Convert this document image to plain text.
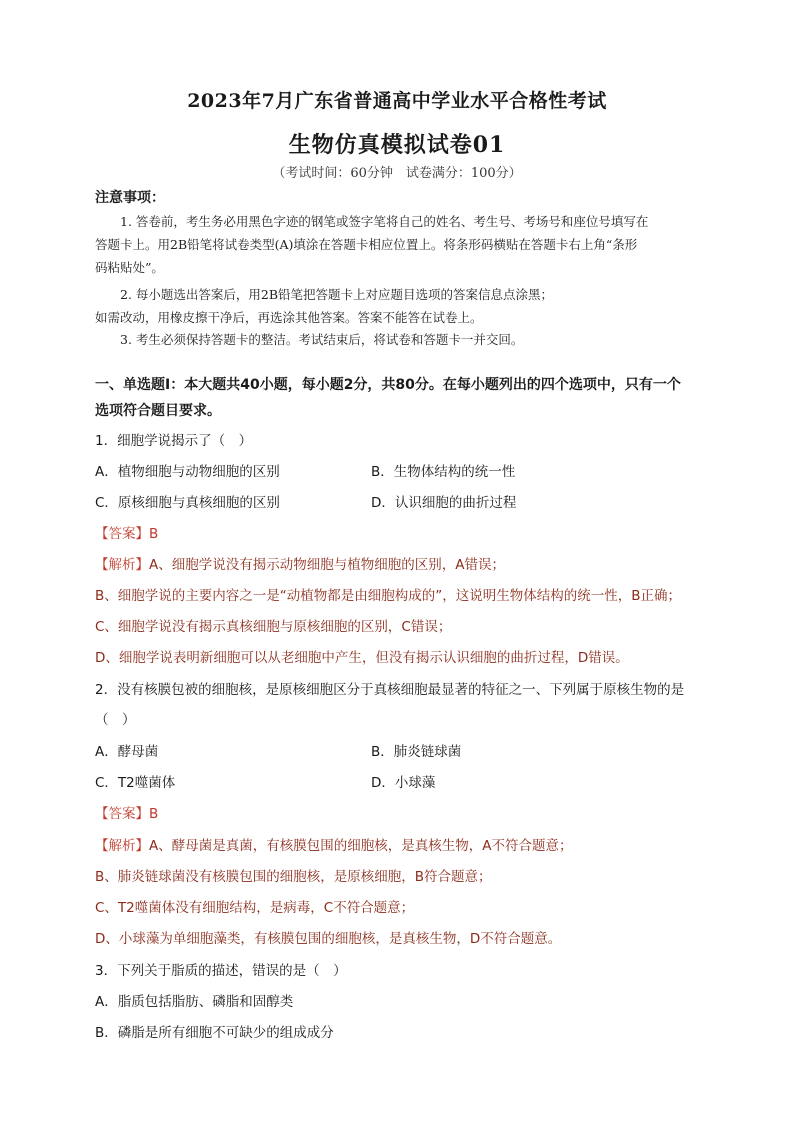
2023年7月广东省普通高中学业水平合格性考试
生物仿真模拟试卷01
（考试时间：60分钟　试卷满分：100分）
注意事项：
1. 答卷前，考生务必用黑色字迹的钢笔或签字笔将自己的姓名、考生号、考场号和座位号填写在
答题卡上。用2B铅笔将试卷类型(A)填涂在答题卡相应位置上。将条形码横贴在答题卡右上角“条形
码粘贴处”。
2. 每小题选出答案后，用2B铅笔把答题卡上对应题目选项的答案信息点涂黑；
如需改动，用橡皮擦干净后，再选涂其他答案。答案不能答在试卷上。
3. 考生必须保持答题卡的整洁。考试结束后，将试卷和答题卡一并交回。
一、单选题Ⅰ：本大题共40小题，每小题2分，共80分。在每小题列出的四个选项中，只有一个
选项符合题目要求。
1．细胞学说揭示了（　）
A．植物细胞与动物细胞的区别	B．生物体结构的统一性
C．原核细胞与真核细胞的区别	D．认识细胞的曲折过程
【答案】B
【解析】A、细胞学说没有揭示动物细胞与植物细胞的区别，A错误；
B、细胞学说的主要内容之一是“动植物都是由细胞构成的”，这说明生物体结构的统一性，B正确；
C、细胞学说没有揭示真核细胞与原核细胞的区别，C错误；
D、细胞学说表明新细胞可以从老细胞中产生，但没有揭示认识细胞的曲折过程，D错误。
2．没有核膜包被的细胞核，是原核细胞区分于真核细胞最显著的特征之一、下列属于原核生物的是
（　）
A．酵母菌	B．肺炎链球菌
C．T2噬菌体	D．小球藻
【答案】B
【解析】A、酵母菌是真菌，有核膜包围的细胞核，是真核生物，A不符合题意；
B、肺炎链球菌没有核膜包围的细胞核，是原核细胞，B符合题意；
C、T2噬菌体没有细胞结构，是病毒，C不符合题意；
D、小球藻为单细胞藻类，有核膜包围的细胞核，是真核生物，D不符合题意。
3．下列关于脂质的描述，错误的是（　）
A．脂质包括脂肪、磷脂和固醇类
B．磷脂是所有细胞不可缺少的组成成分
